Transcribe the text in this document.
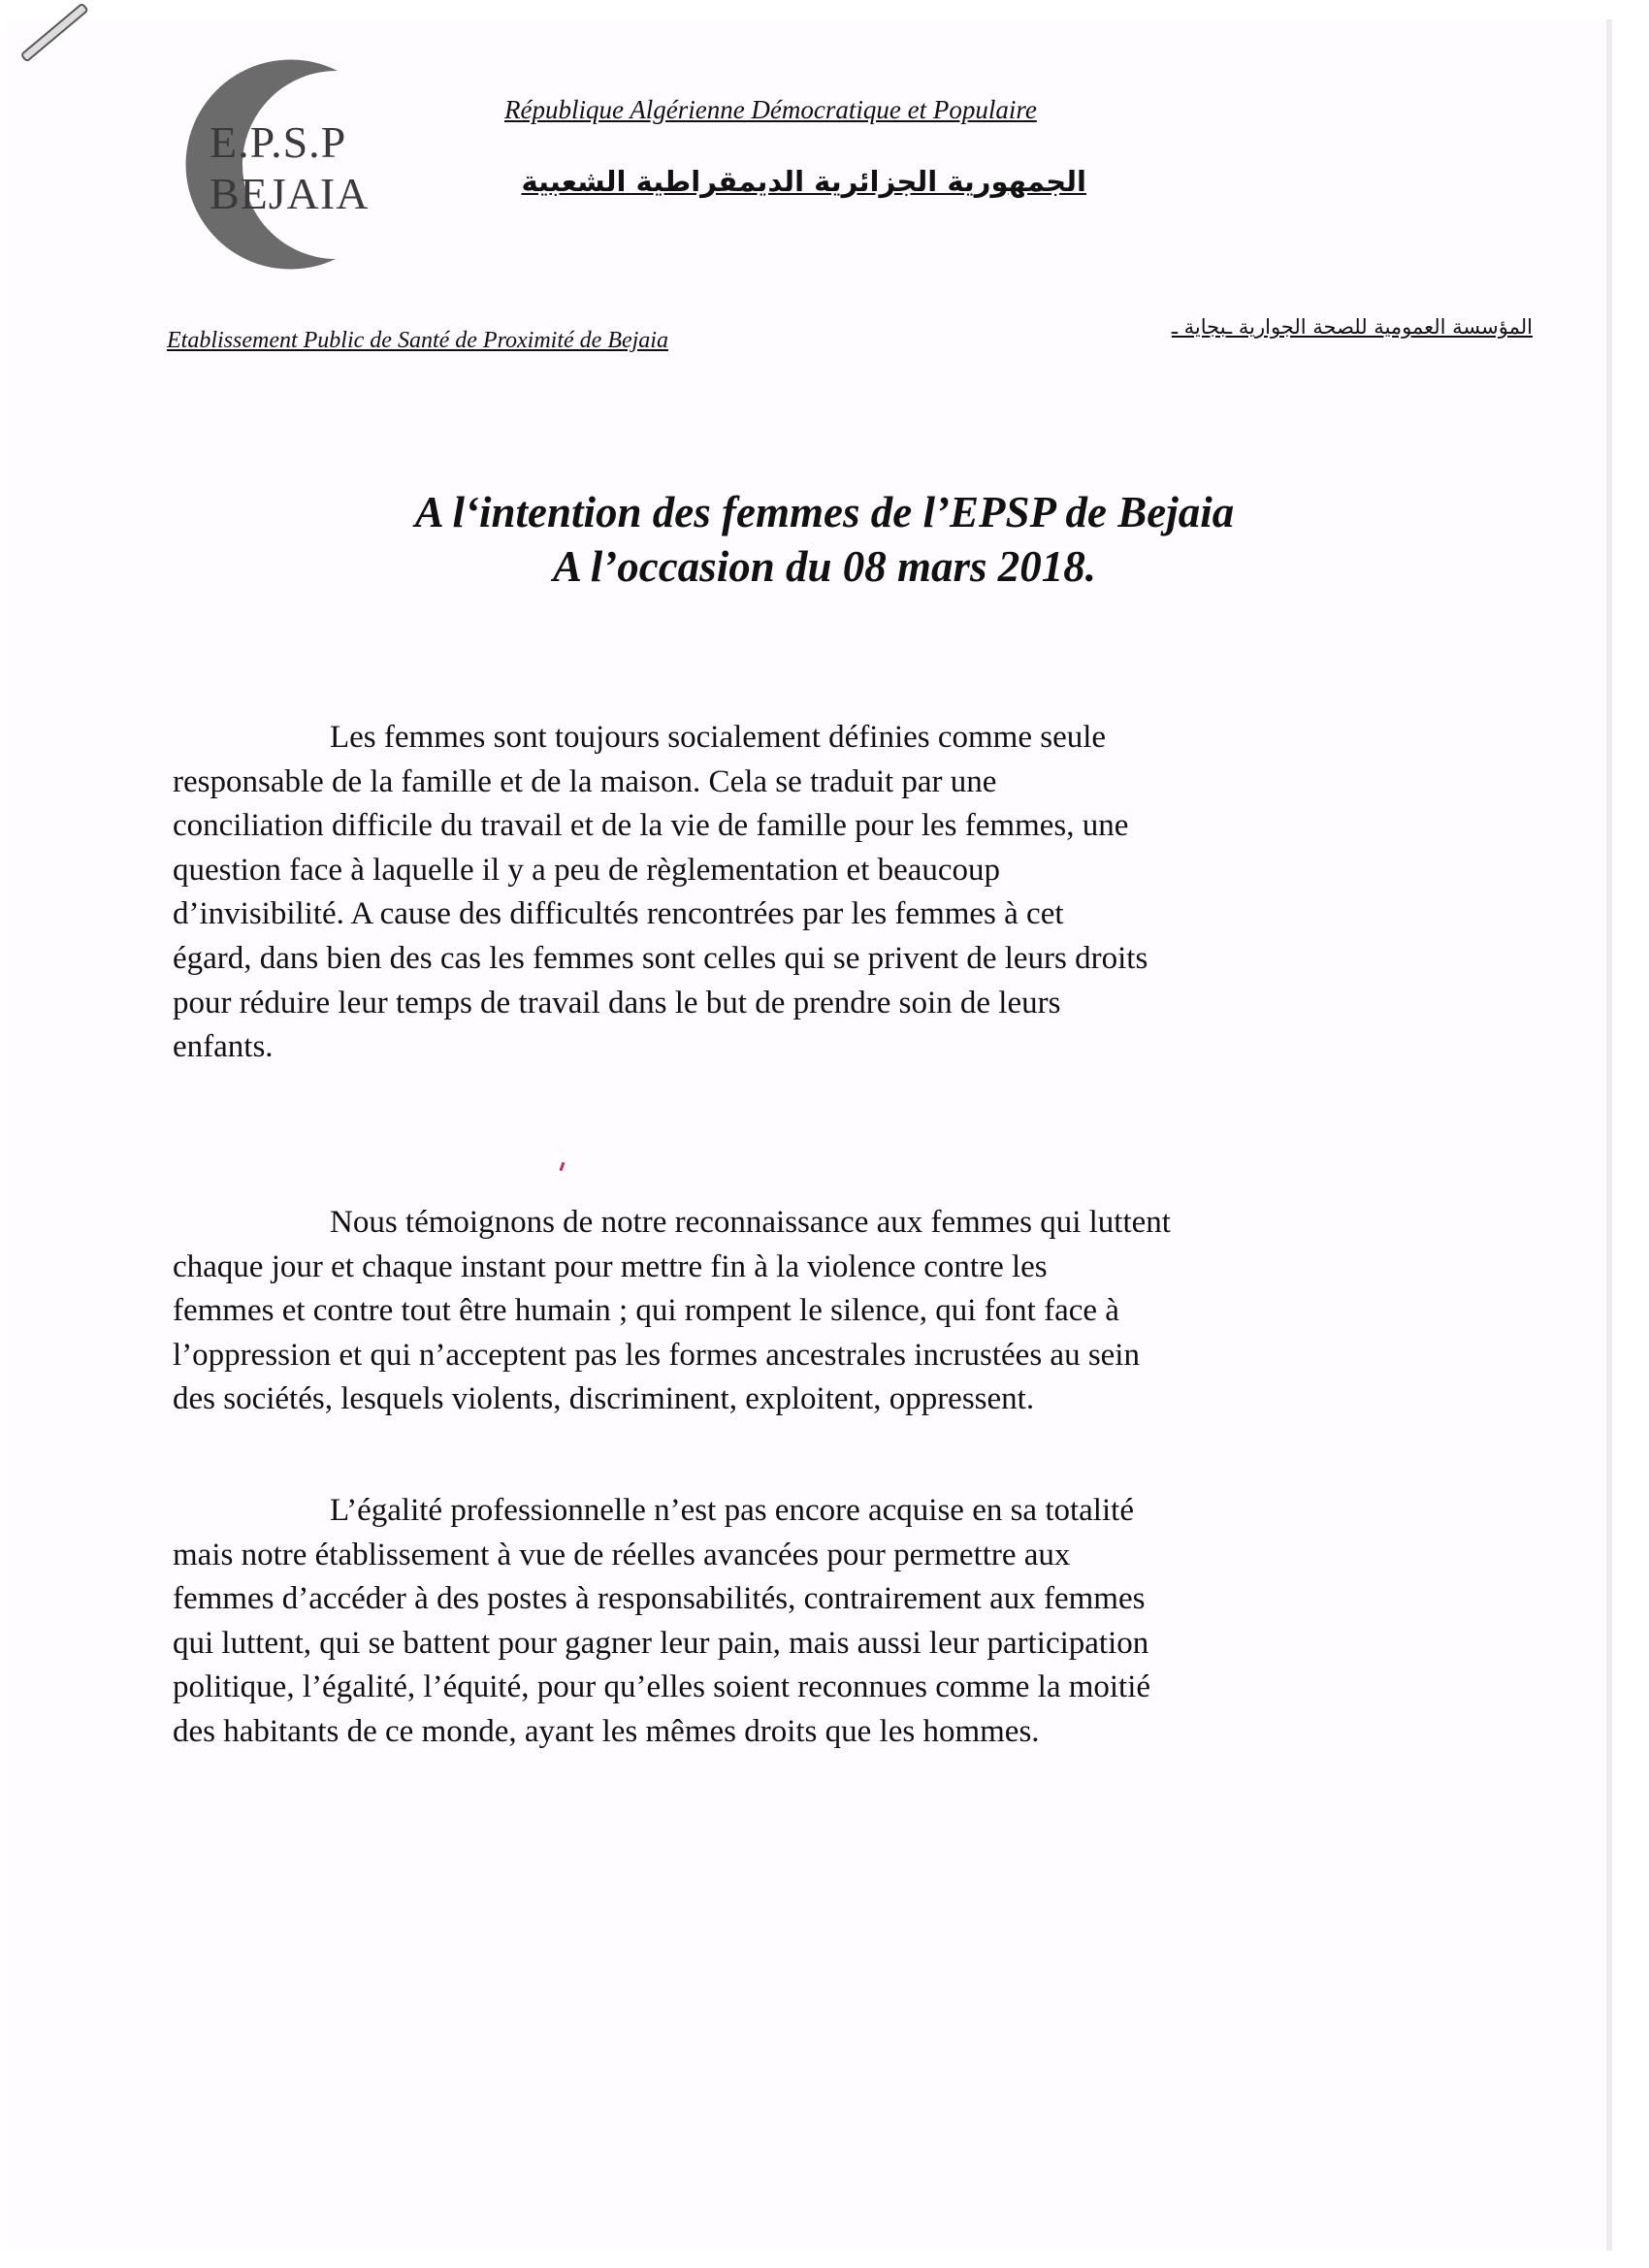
E.P.S.P
BEJAIA
République Algérienne Démocratique et Populaire
الجمهورية الجزائرية الديمقراطية الشعبية
Etablissement Public de Santé de Proximité de Bejaia
المؤسسة العمومية للصحة الجوارية ـبجاية ـ
A l‘intention des femmes de l’EPSP de Bejaia
A l’occasion du 08 mars 2018.
Les femmes sont toujours socialement définies comme seule
responsable de la famille et de la maison. Cela se traduit par une
conciliation difficile du travail et de la vie de famille pour les femmes, une
question face à laquelle il y a peu de règlementation et beaucoup
d’invisibilité. A cause des difficultés rencontrées par les femmes à cet
égard, dans bien des cas les femmes sont celles qui se privent de leurs droits
pour réduire leur temps de travail dans le but de prendre soin de leurs
enfants.
Nous témoignons de notre reconnaissance aux femmes qui luttent
chaque jour et chaque instant pour mettre fin à la violence contre les
femmes et contre tout être humain ; qui rompent le silence, qui font face à
l’oppression et qui n’acceptent pas les formes ancestrales incrustées au sein
des sociétés, lesquels violents, discriminent, exploitent, oppressent.
L’égalité professionnelle n’est pas encore acquise en sa totalité
mais notre établissement à vue de réelles avancées pour permettre aux
femmes d’accéder à des postes à responsabilités, contrairement aux femmes
qui luttent, qui se battent pour gagner leur pain, mais aussi leur participation
politique, l’égalité, l’équité, pour qu’elles soient reconnues comme la moitié
des habitants de ce monde, ayant les mêmes droits que les hommes.
